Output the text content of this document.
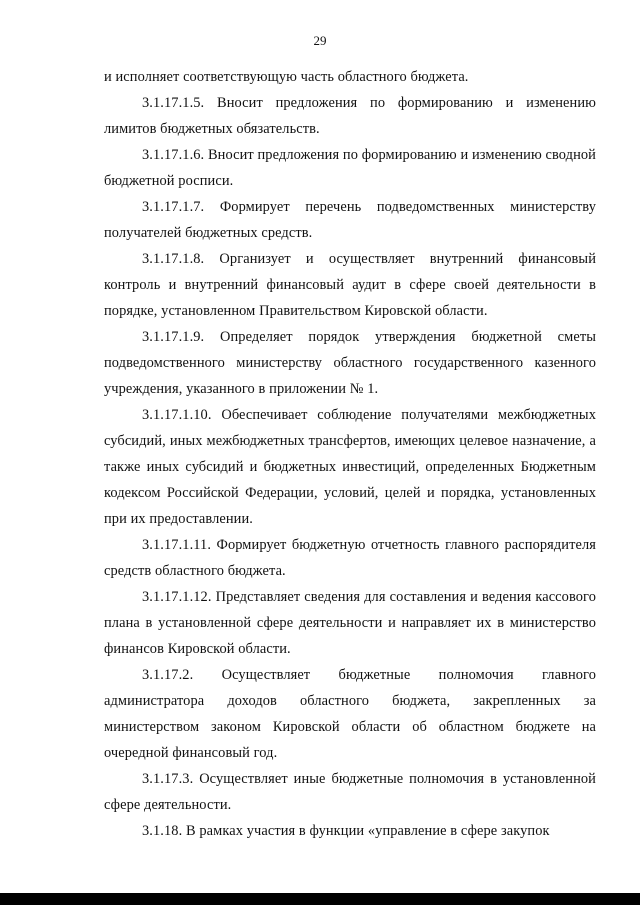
29

и исполняет соответствующую часть областного бюджета.

3.1.17.1.5. Вносит предложения по формированию и изменению лимитов бюджетных обязательств.

3.1.17.1.6. Вносит предложения по формированию и изменению сводной бюджетной росписи.

3.1.17.1.7. Формирует перечень подведомственных министерству получателей бюджетных средств.

3.1.17.1.8. Организует и осуществляет внутренний финансовый контроль и внутренний финансовый аудит в сфере своей деятельности в порядке, установленном Правительством Кировской области.

3.1.17.1.9. Определяет порядок утверждения бюджетной сметы подведомственного министерству областного государственного казенного учреждения, указанного в приложении № 1.

3.1.17.1.10. Обеспечивает соблюдение получателями межбюджетных субсидий, иных межбюджетных трансфертов, имеющих целевое назначение, а также иных субсидий и бюджетных инвестиций, определенных Бюджетным кодексом Российской Федерации, условий, целей и порядка, установленных при их предоставлении.

3.1.17.1.11. Формирует бюджетную отчетность главного распорядителя средств областного бюджета.

3.1.17.1.12. Представляет сведения для составления и ведения кассового плана в установленной сфере деятельности и направляет их в министерство финансов Кировской области.

3.1.17.2. Осуществляет бюджетные полномочия главного администратора доходов областного бюджета, закрепленных за министерством законом Кировской области об областном бюджете на очередной финансовый год.

3.1.17.3. Осуществляет иные бюджетные полномочия в установленной сфере деятельности.

3.1.18. В рамках участия в функции «управление в сфере закупок
